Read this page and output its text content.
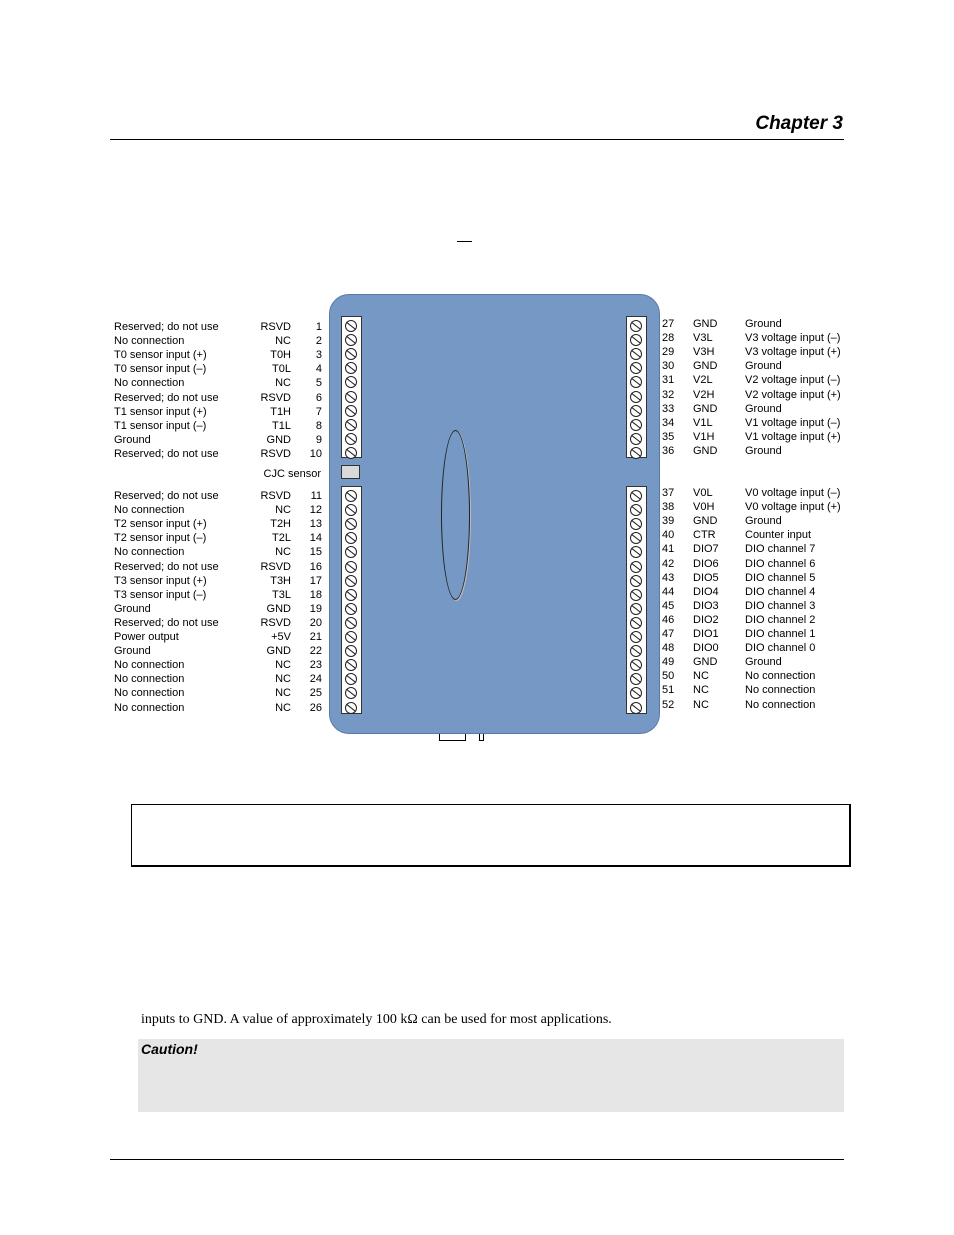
Chapter 3
CJC sensor
Reserved; do not use	RSVD 1
No connection	NC 2
T0 sensor input (+)	T0H 3
T0 sensor input (–)	T0L 4
No connection	NC 5
Reserved; do not use	RSVD 6
T1 sensor input (+)	T1H 7
T1 sensor input (–)	T1L 8
Ground	GND 9
Reserved; do not use	RSVD 10
Reserved; do not use	RSVD 11
No connection	NC 12
T2 sensor input (+)	T2H 13
T2 sensor input (–)	T2L 14
No connection	NC 15
Reserved; do not use	RSVD 16
T3 sensor input (+)	T3H 17
T3 sensor input (–)	T3L 18
Ground	GND 19
Reserved; do not use	RSVD 20
Power output	+5V 21
Ground	GND 22
No connection	NC 23
No connection	NC 24
No connection	NC 25
No connection	NC 26
27 GND	Ground
28 V3L	V3 voltage input (–)
29 V3H	V3 voltage input (+)
30 GND	Ground
31 V2L	V2 voltage input (–)
32 V2H	V2 voltage input (+)
33 GND	Ground
34 V1L	V1 voltage input (–)
35 V1H	V1 voltage input (+)
36 GND	Ground
37 V0L	V0 voltage input (–)
38 V0H	V0 voltage input (+)
39 GND	Ground
40 CTR	Counter input
41 DIO7 DIO channel 7
42 DIO6 DIO channel 6
43 DIO5 DIO channel 5
44 DIO4 DIO channel 4
45 DIO3 DIO channel 3
46 DIO2 DIO channel 2
47 DIO1 DIO channel 1
48 DIO0 DIO channel 0
49 GND	Ground
50 NC	No connection
51 NC	No connection
52 NC	No connection
inputs to GND. A value of approximately 100 kΩ can be used for most applications.
Caution!
